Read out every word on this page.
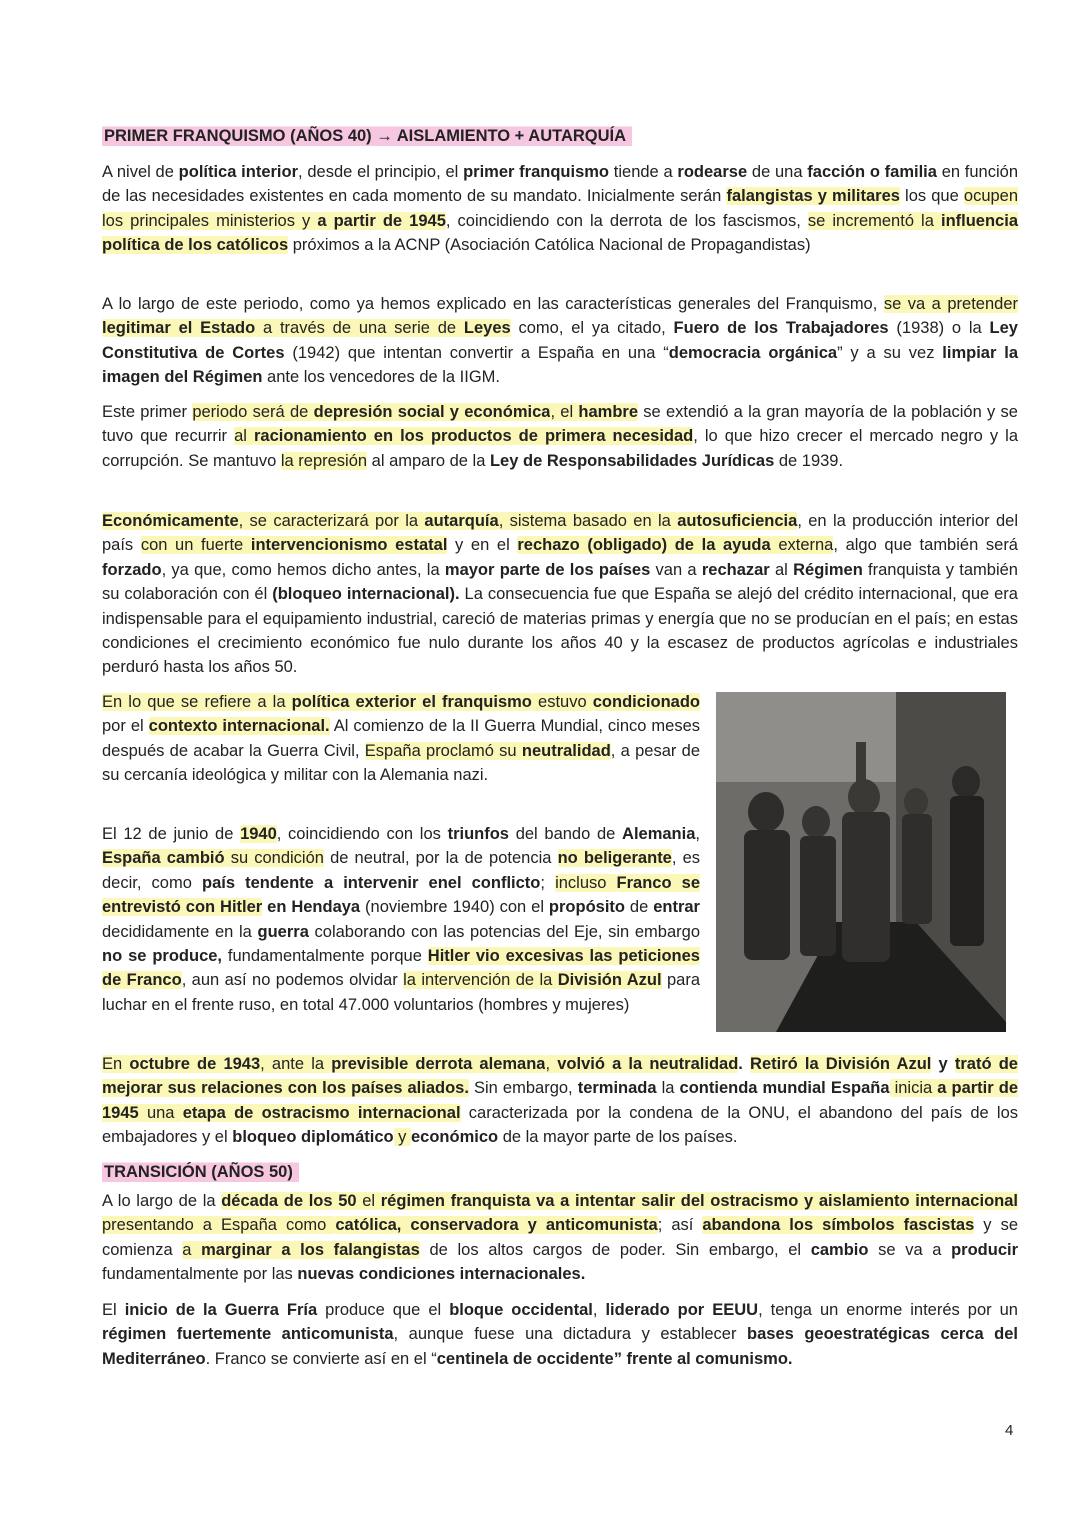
PRIMER FRANQUISMO (AÑOS 40) → AISLAMIENTO + AUTARQUÍA

A nivel de política interior, desde el principio, el primer franquismo tiende a rodearse de una facción o familia en función de las necesidades existentes en cada momento de su mandato. Inicialmente serán falangistas y militares los que ocupen los principales ministerios y a partir de 1945, coincidiendo con la derrota de los fascismos, se incrementó la influencia política de los católicos próximos a la ACNP (Asociación Católica Nacional de Propagandistas)

A lo largo de este periodo, como ya hemos explicado en las características generales del Franquismo, se va a pretender legitimar el Estado a través de una serie de Leyes como, el ya citado, Fuero de los Trabajadores (1938) o la Ley Constitutiva de Cortes (1942) que intentan convertir a España en una “democracia orgánica” y a su vez limpiar la imagen del Régimen ante los vencedores de la IIGM.

Este primer periodo será de depresión social y económica, el hambre se extendió a la gran mayoría de la población y se tuvo que recurrir al racionamiento en los productos de primera necesidad, lo que hizo crecer el mercado negro y la corrupción. Se mantuvo la represión al amparo de la Ley de Responsabilidades Jurídicas de 1939.

Económicamente, se caracterizará por la autarquía, sistema basado en la autosuficiencia, en la producción interior del país con un fuerte intervencionismo estatal y en el rechazo (obligado) de la ayuda externa, algo que también será forzado, ya que, como hemos dicho antes, la mayor parte de los países van a rechazar al Régimen franquista y también su colaboración con él (bloqueo internacional). La consecuencia fue que España se alejó del crédito internacional, que era indispensable para el equipamiento industrial, careció de materias primas y energía que no se producían en el país; en estas condiciones el crecimiento económico fue nulo durante los años 40 y la escasez de productos agrícolas e industriales perduró hasta los años 50.

En lo que se refiere a la política exterior el franquismo estuvo condicionado por el contexto internacional. Al comienzo de la II Guerra Mundial, cinco meses después de acabar la Guerra Civil, España proclamó su neutralidad, a pesar de su cercanía ideológica y militar con la Alemania nazi.

El 12 de junio de 1940, coincidiendo con los triunfos del bando de Alemania, España cambió su condición de neutral, por la de potencia no beligerante, es decir, como país tendente a intervenir enel conflicto; incluso Franco se entrevistó con Hitler en Hendaya (noviembre 1940) con el propósito de entrar decididamente en la guerra colaborando con las potencias del Eje, sin embargo no se produce, fundamentalmente porque Hitler vio excesivas las peticiones de Franco, aun así no podemos olvidar la intervención de la División Azul para luchar en el frente ruso, en total 47.000 voluntarios (hombres y mujeres)

En octubre de 1943, ante la previsible derrota alemana, volvió a la neutralidad. Retiró la División Azul y trató de mejorar sus relaciones con los países aliados. Sin embargo, terminada la contienda mundial España inicia a partir de 1945 una etapa de ostracismo internacional caracterizada por la condena de la ONU, el abandono del país de los embajadores y el bloqueo diplomático y económico de la mayor parte de los países.

TRANSICIÓN (AÑOS 50)

A lo largo de la década de los 50 el régimen franquista va a intentar salir del ostracismo y aislamiento internacional presentando a España como católica, conservadora y anticomunista; así abandona los símbolos fascistas y se comienza a marginar a los falangistas de los altos cargos de poder. Sin embargo, el cambio se va a producir fundamentalmente por las nuevas condiciones internacionales.

El inicio de la Guerra Fría produce que el bloque occidental, liderado por EEUU, tenga un enorme interés por un régimen fuertemente anticomunista, aunque fuese una dictadura y establecer bases geoestratégicas cerca del Mediterráneo. Franco se convierte así en el “centinela de occidente” frente al comunismo.

4
